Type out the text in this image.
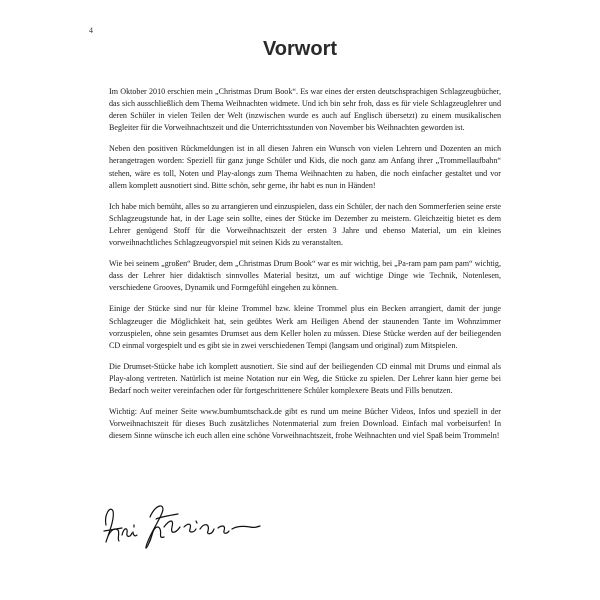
4
Vorwort

Im Oktober 2010 erschien mein „Christmas Drum Book“. Es war eines der ersten deutschsprachigen Schlagzeugbücher, das sich ausschließlich dem Thema Weihnachten widmete. Und ich bin sehr froh, dass es für viele Schlagzeuglehrer und deren Schüler in vielen Teilen der Welt (inzwischen wurde es auch auf Englisch übersetzt) zu einem musikalischen Begleiter für die Vorweihnachtszeit und die Unterrichtsstunden von November bis Weihnachten geworden ist.

Neben den positiven Rückmeldungen ist in all diesen Jahren ein Wunsch von vielen Lehrern und Dozenten an mich herangetragen worden: Speziell für ganz junge Schüler und Kids, die noch ganz am Anfang ihrer „Trommellaufbahn“ stehen, wäre es toll, Noten und Play-alongs zum Thema Weihnachten zu haben, die noch einfacher gestaltet und vor allem komplett ausnotiert sind. Bitte schön, sehr gerne, ihr habt es nun in Händen!

Ich habe mich bemüht, alles so zu arrangieren und einzuspielen, dass ein Schüler, der nach den Sommerferien seine erste Schlagzeugstunde hat, in der Lage sein sollte, eines der Stücke im Dezember zu meistern. Gleichzeitig bietet es dem Lehrer genügend Stoff für die Vorweihnachtszeit der ersten 3 Jahre und ebenso Material, um ein kleines vorweihnachtliches Schlagzeugvorspiel mit seinen Kids zu veranstalten.

Wie bei seinem „großen“ Bruder, dem „Christmas Drum Book“ war es mir wichtig, bei „Pa-ram pam pam pam“ wichtig, dass der Lehrer hier didaktisch sinnvolles Material besitzt, um auf wichtige Dinge wie Technik, Notenlesen, verschiedene Grooves, Dynamik und Formgefühl eingehen zu können.

Einige der Stücke sind nur für kleine Trommel bzw. kleine Trommel plus ein Becken arrangiert, damit der junge Schlagzeuger die Möglichkeit hat, sein geübtes Werk am Heiligen Abend der staunenden Tante im Wohnzimmer vorzuspielen, ohne sein gesamtes Drumset aus dem Keller holen zu müssen. Diese Stücke werden auf der beiliegenden CD einmal vorgespielt und es gibt sie in zwei verschiedenen Tempi (langsam und original) zum Mitspielen.

Die Drumset-Stücke habe ich komplett ausnotiert. Sie sind auf der beiliegenden CD einmal mit Drums und einmal als Play-along vertreten. Natürlich ist meine Notation nur ein Weg, die Stücke zu spielen. Der Lehrer kann hier gerne bei Bedarf noch weiter vereinfachen oder für fortgeschrittenere Schüler komplexere Beats und Fills benutzen.

Wichtig: Auf meiner Seite www.bumbumtschack.de gibt es rund um meine Bücher Videos, Infos und speziell in der Vorweihnachtszeit für dieses Buch zusätzliches Notenmaterial zum freien Download. Einfach mal vorbeisurfen! In diesem Sinne wünsche ich euch allen eine schöne Vorweihnachtszeit, frohe Weihnachten und viel Spaß beim Trommeln!
